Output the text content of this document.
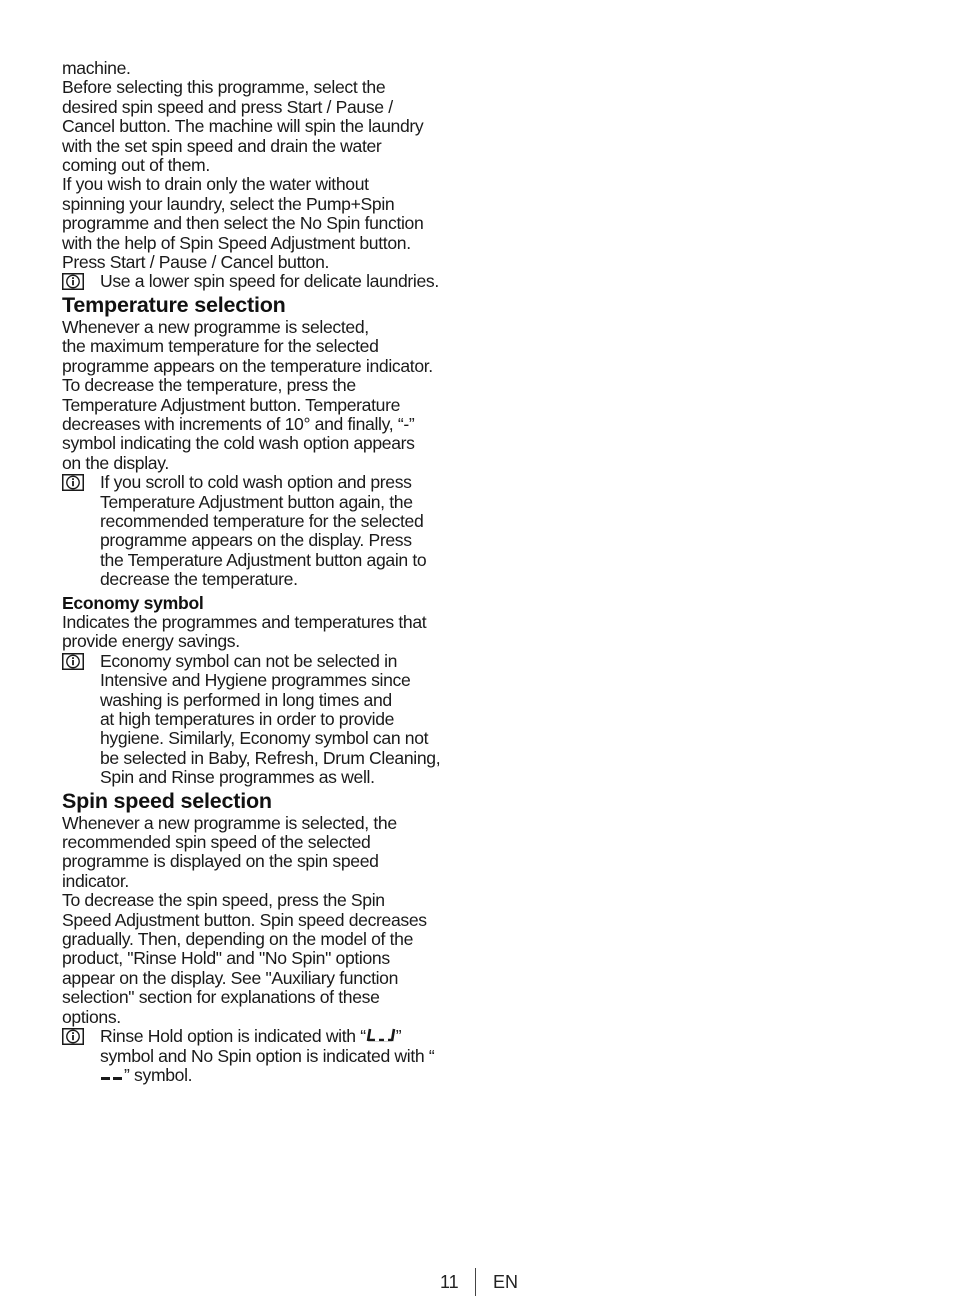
machine.
Before selecting this programme, select the
desired spin speed and press Start / Pause /
Cancel button. The machine will spin the laundry
with the set spin speed and drain the water
coming out of them.
If you wish to drain only the water without
spinning your laundry, select the Pump+Spin
programme and then select the No Spin function
with the help of Spin Speed Adjustment button.
Press Start / Pause / Cancel button.

Use a lower spin speed for delicate laundries.

Temperature selection

Whenever a new programme is selected,
the maximum temperature for the selected
programme appears on the temperature indicator.
To decrease the temperature, press the
Temperature Adjustment button. Temperature
decreases with increments of 10° and finally, “-”
symbol indicating the cold wash option appears
on the display.

If you scroll to cold wash option and press
Temperature Adjustment button again, the
recommended temperature for the selected
programme appears on the display. Press
the Temperature Adjustment button again to
decrease the temperature.

Economy symbol

Indicates the programmes and temperatures that
provide energy savings.

Economy symbol can not be selected in
Intensive and Hygiene programmes since
washing is performed in long times and
at high temperatures in order to provide
hygiene. Similarly, Economy symbol can not
be selected in Baby, Refresh, Drum Cleaning,
Spin and Rinse programmes as well.

Spin speed selection

Whenever a new programme is selected, the
recommended spin speed of the selected
programme is displayed on the spin speed
indicator.
To decrease the spin speed, press the Spin
Speed Adjustment button. Spin speed decreases
gradually. Then, depending on the model of the
product, "Rinse Hold" and "No Spin" options
appear on the display. See "Auxiliary function
selection" section for explanations of these
options.

Rinse Hold option is indicated with “ ”
symbol and No Spin option is indicated with “
” symbol.

11 EN
